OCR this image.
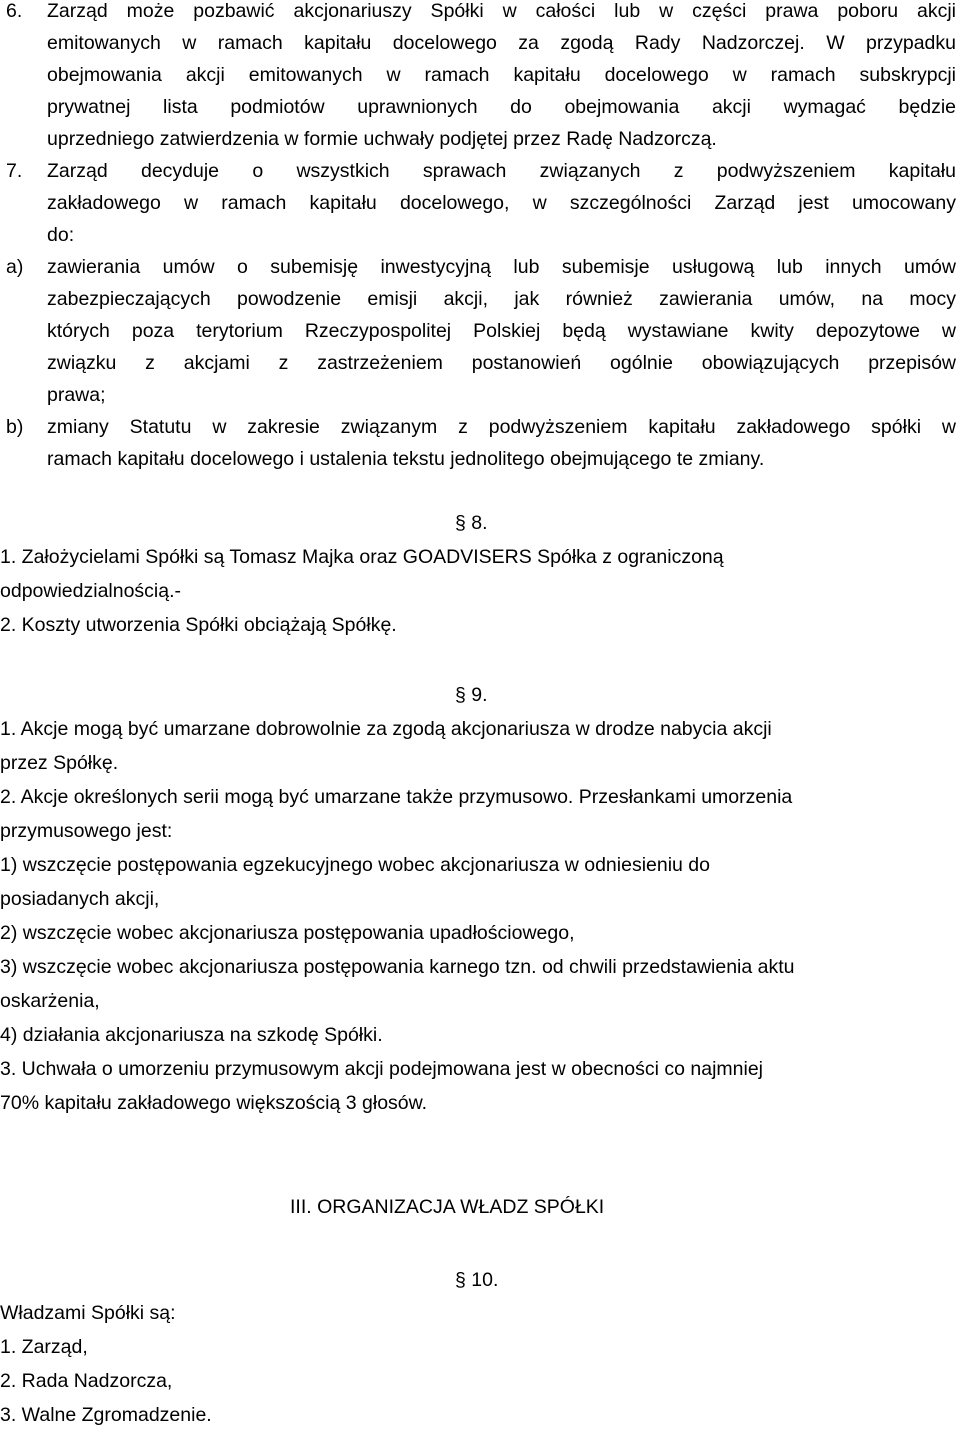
6. Zarząd może pozbawić akcjonariuszy Spółki w całości lub w części prawa poboru akcji
emitowanych w ramach kapitału docelowego za zgodą Rady Nadzorczej. W przypadku
obejmowania akcji emitowanych w ramach kapitału docelowego w ramach subskrypcji
prywatnej lista podmiotów uprawnionych do obejmowania akcji wymagać będzie
uprzedniego zatwierdzenia w formie uchwały podjętej przez Radę Nadzorczą.
7. Zarząd decyduje o wszystkich sprawach związanych z podwyższeniem kapitału
zakładowego w ramach kapitału docelowego, w szczególności Zarząd jest umocowany
do:
a) zawierania umów o subemisję inwestycyjną lub subemisje usługową lub innych umów
zabezpieczających powodzenie emisji akcji, jak również zawierania umów, na mocy
których poza terytorium Rzeczypospolitej Polskiej będą wystawiane kwity depozytowe w
związku z akcjami z zastrzeżeniem postanowień ogólnie obowiązujących przepisów
prawa;
b) zmiany Statutu w zakresie związanym z podwyższeniem kapitału zakładowego spółki w
ramach kapitału docelowego i ustalenia tekstu jednolitego obejmującego te zmiany.
§ 8.
1. Założycielami Spółki są Tomasz Majka oraz GOADVISERS Spółka z ograniczoną
odpowiedzialnością.-
2. Koszty utworzenia Spółki obciążają Spółkę.
§ 9.
1. Akcje mogą być umarzane dobrowolnie za zgodą akcjonariusza w drodze nabycia akcji
przez Spółkę.
2. Akcje określonych serii mogą być umarzane także przymusowo. Przesłankami umorzenia
przymusowego jest:
1) wszczęcie postępowania egzekucyjnego wobec akcjonariusza w odniesieniu do
posiadanych akcji,
2) wszczęcie wobec akcjonariusza postępowania upadłościowego,
3) wszczęcie wobec akcjonariusza postępowania karnego tzn. od chwili przedstawienia aktu
oskarżenia,
4) działania akcjonariusza na szkodę Spółki.
3. Uchwała o umorzeniu przymusowym akcji podejmowana jest w obecności co najmniej
70% kapitału zakładowego większością 3 głosów.
III. ORGANIZACJA WŁADZ SPÓŁKI
§ 10.
Władzami Spółki są:
1. Zarząd,
2. Rada Nadzorcza,
3. Walne Zgromadzenie.
